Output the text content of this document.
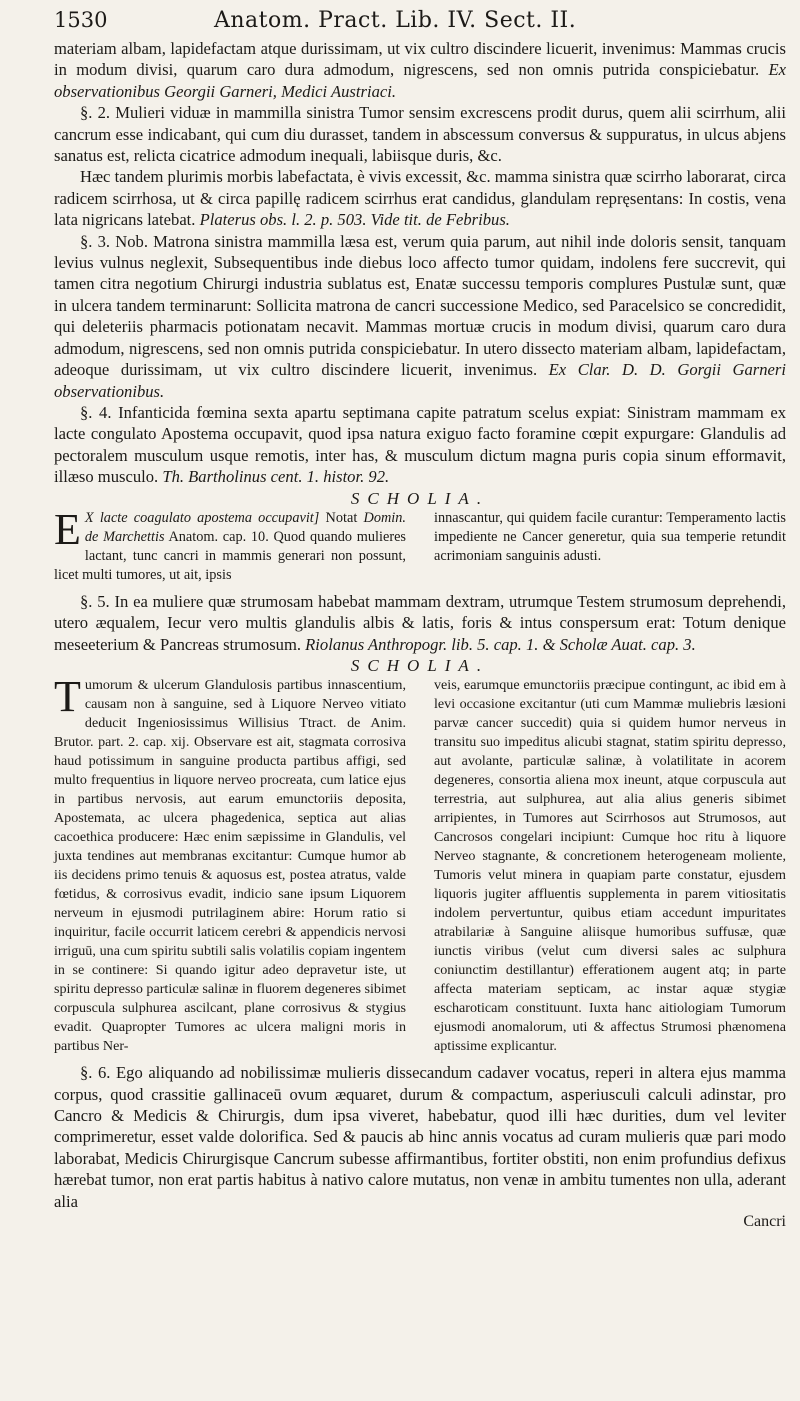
1530	Anatom. Pract. Lib. IV. Sect. II.

materiam albam, lapidefactam atque durissimam, ut vix cultro discindere licuerit, invenimus: Mammas crucis in modum divisi, quarum caro dura admodum, nigrescens, sed non omnis putrida conspiciebatur. Ex observationibus Georgii Garneri, Medici Austriaci.

§. 2. Mulieri viduæ in mammilla sinistra Tumor sensim excrescens prodit durus, quem alii scirrhum, alii cancrum esse indicabant, qui cum diu durasset, tandem in abscessum conversus & suppuratus, in ulcus abjens sanatus est, relicta cicatrice admodum inequali, labiisque duris, &c.

Hæc tandem plurimis morbis labefactata, è vivis excessit, &c. mamma sinistra quæ scirrho laborarat, circa radicem scirrhosa, ut & circa papillę radicem scirrhus erat candidus, glandulam repręsentans: In costis, vena lata nigricans latebat. Platerus obs. l. 2. p. 503. Vide tit. de Febribus.

§. 3. Nob. Matrona sinistra mammilla læsa est, verum quia parum, aut nihil inde doloris sensit, tanquam levius vulnus neglexit, Subsequentibus inde diebus loco affecto tumor quidam, indolens fere succrevit, qui tamen citra negotium Chirurgi industria sublatus est, Enatæ successu temporis complures Pustulæ sunt, quæ in ulcera tandem terminarunt: Sollicita matrona de cancri successione Medico, sed Paracelsico se concredidit, qui deleteriis pharmacis potionatam necavit. Mammas mortuæ crucis in modum divisi, quarum caro dura admodum, nigrescens, sed non omnis putrida conspiciebatur. In utero dissecto materiam albam, lapidefactam, adeoque durissimam, ut vix cultro discindere licuerit, invenimus. Ex Clar. D. D. Gorgii Garneri observationibus.

§. 4. Infanticida fœmina sexta apartu septimana capite patratum scelus expiat: Sinistram mammam ex lacte congulato Apostema occupavit, quod ipsa natura exiguo facto foramine cœpit expurgare: Glandulis ad pectoralem musculum usque remotis, inter has, & musculum dictum magna puris copia sinum efformavit, illæso musculo. Th. Bartholinus cent. 1. histor. 92.

SCHOLIA.
E X lacte coagulato apostema occupavit] Notat Domin. de Marchettis Anatom. cap. 10. Quod quando mulieres lactant, tunc cancri in mammis generari non possunt, licet multi tumores, ut ait, ipsis
innascantur, qui quidem facile curantur: Temperamento lactis impediente ne Cancer generetur, quia sua temperie retundit acrimoniam sanguinis adusti.

§. 5. In ea muliere quæ strumosam habebat mammam dextram, utrumque Testem strumosum deprehendi, utero æqualem, Iecur vero multis glandulis albis & latis, foris & intus conspersum erat: Totum denique meseeterium & Pancreas strumosum. Riolanus Anthropogr. lib. 5. cap. 1. & Scholæ Auat. cap. 3.

SCHOLIA.
Tumorum & ulcerum Glandulosis partibus innascentium, causam non à sanguine, sed à Liquore Nerveo vitiato deducit Ingeniosissimus Willisius Ttract. de Anim. Brutor. part. 2. cap. xij. Observare est ait, stagmata corrosiva haud potissimum in sanguine producta partibus affigi, sed multo frequentius in liquore nerveo procreata, cum latice ejus in partibus nervosis, aut earum emunctoriis deposita, Apostemata, ac ulcera phagedenica, septica aut alias cacoethica producere: Hæc enim sæpissime in Glandulis, vel juxta tendines aut membranas excitantur: Cumque humor ab iis decidens primo tenuis & aquosus est, postea atratus, valde fœtidus, & corrosivus evadit, indicio sane ipsum Liquorem nerveum in ejusmodi putrilaginem abire: Horum ratio si inquiritur, facile occurrit laticem cerebri & appendicis nervosi irriguū, una cum spiritu subtili salis volatilis copiam ingentem in se continere: Si quando igitur adeo depravetur iste, ut spiritu depresso particulæ salinæ in fluorem degeneres sibimet corpuscula sulphurea ascilcant, plane corrosivus & stygius evadit. Quapropter Tumores ac ulcera maligni moris in partibus Ner-
veis, earumque emunctoriis præcipue contingunt, ac ibid em à levi occasione excitantur (uti cum Mammæ muliebris læsioni parvæ cancer succedit) quia si quidem humor nerveus in transitu suo impeditus alicubi stagnat, statim spiritu depresso, aut avolante, particulæ salinæ, à volatilitate in acorem degeneres, consortia aliena mox ineunt, atque corpuscula aut terrestria, aut sulphurea, aut alia alius generis sibimet arripientes, in Tumores aut Scirrhosos aut Strumosos, aut Cancrosos congelari incipiunt: Cumque hoc ritu à liquore Nerveo stagnante, & concretionem heterogeneam moliente, Tumoris velut minera in quapiam parte constatur, ejusdem liquoris jugiter affluentis supplementa in parem vitiositatis indolem pervertuntur, quibus etiam accedunt impuritates atrabilariæ à Sanguine aliisque humoribus suffusæ, quæ iunctis viribus (velut cum diversi sales ac sulphura coniunctim destillantur) efferationem augent atq; in parte affecta materiam septicam, ac instar aquæ stygiæ escharoticam constituunt. Iuxta hanc aitiologiam Tumorum ejusmodi anomalorum, uti & affectus Strumosi phænomena aptissime explicantur.

§. 6. Ego aliquando ad nobilissimæ mulieris dissecandum cadaver vocatus, reperi in altera ejus mamma corpus, quod crassitie gallinaceū ovum æquaret, durum & compactum, asperiusculi calculi adinstar, pro Cancro & Medicis & Chirurgis, dum ipsa viveret, habebatur, quod illi hæc durities, dum vel leviter comprimeretur, esset valde dolorifica. Sed & paucis ab hinc annis vocatus ad curam mulieris quæ pari modo laborabat, Medicis Chirurgisque Cancrum subesse affirmantibus, fortiter obstiti, non enim profundius defixus hærebat tumor, non erat partis habitus à nativo calore mutatus, non venæ in ambitu tumentes non ulla, aderant alia

Cancri
